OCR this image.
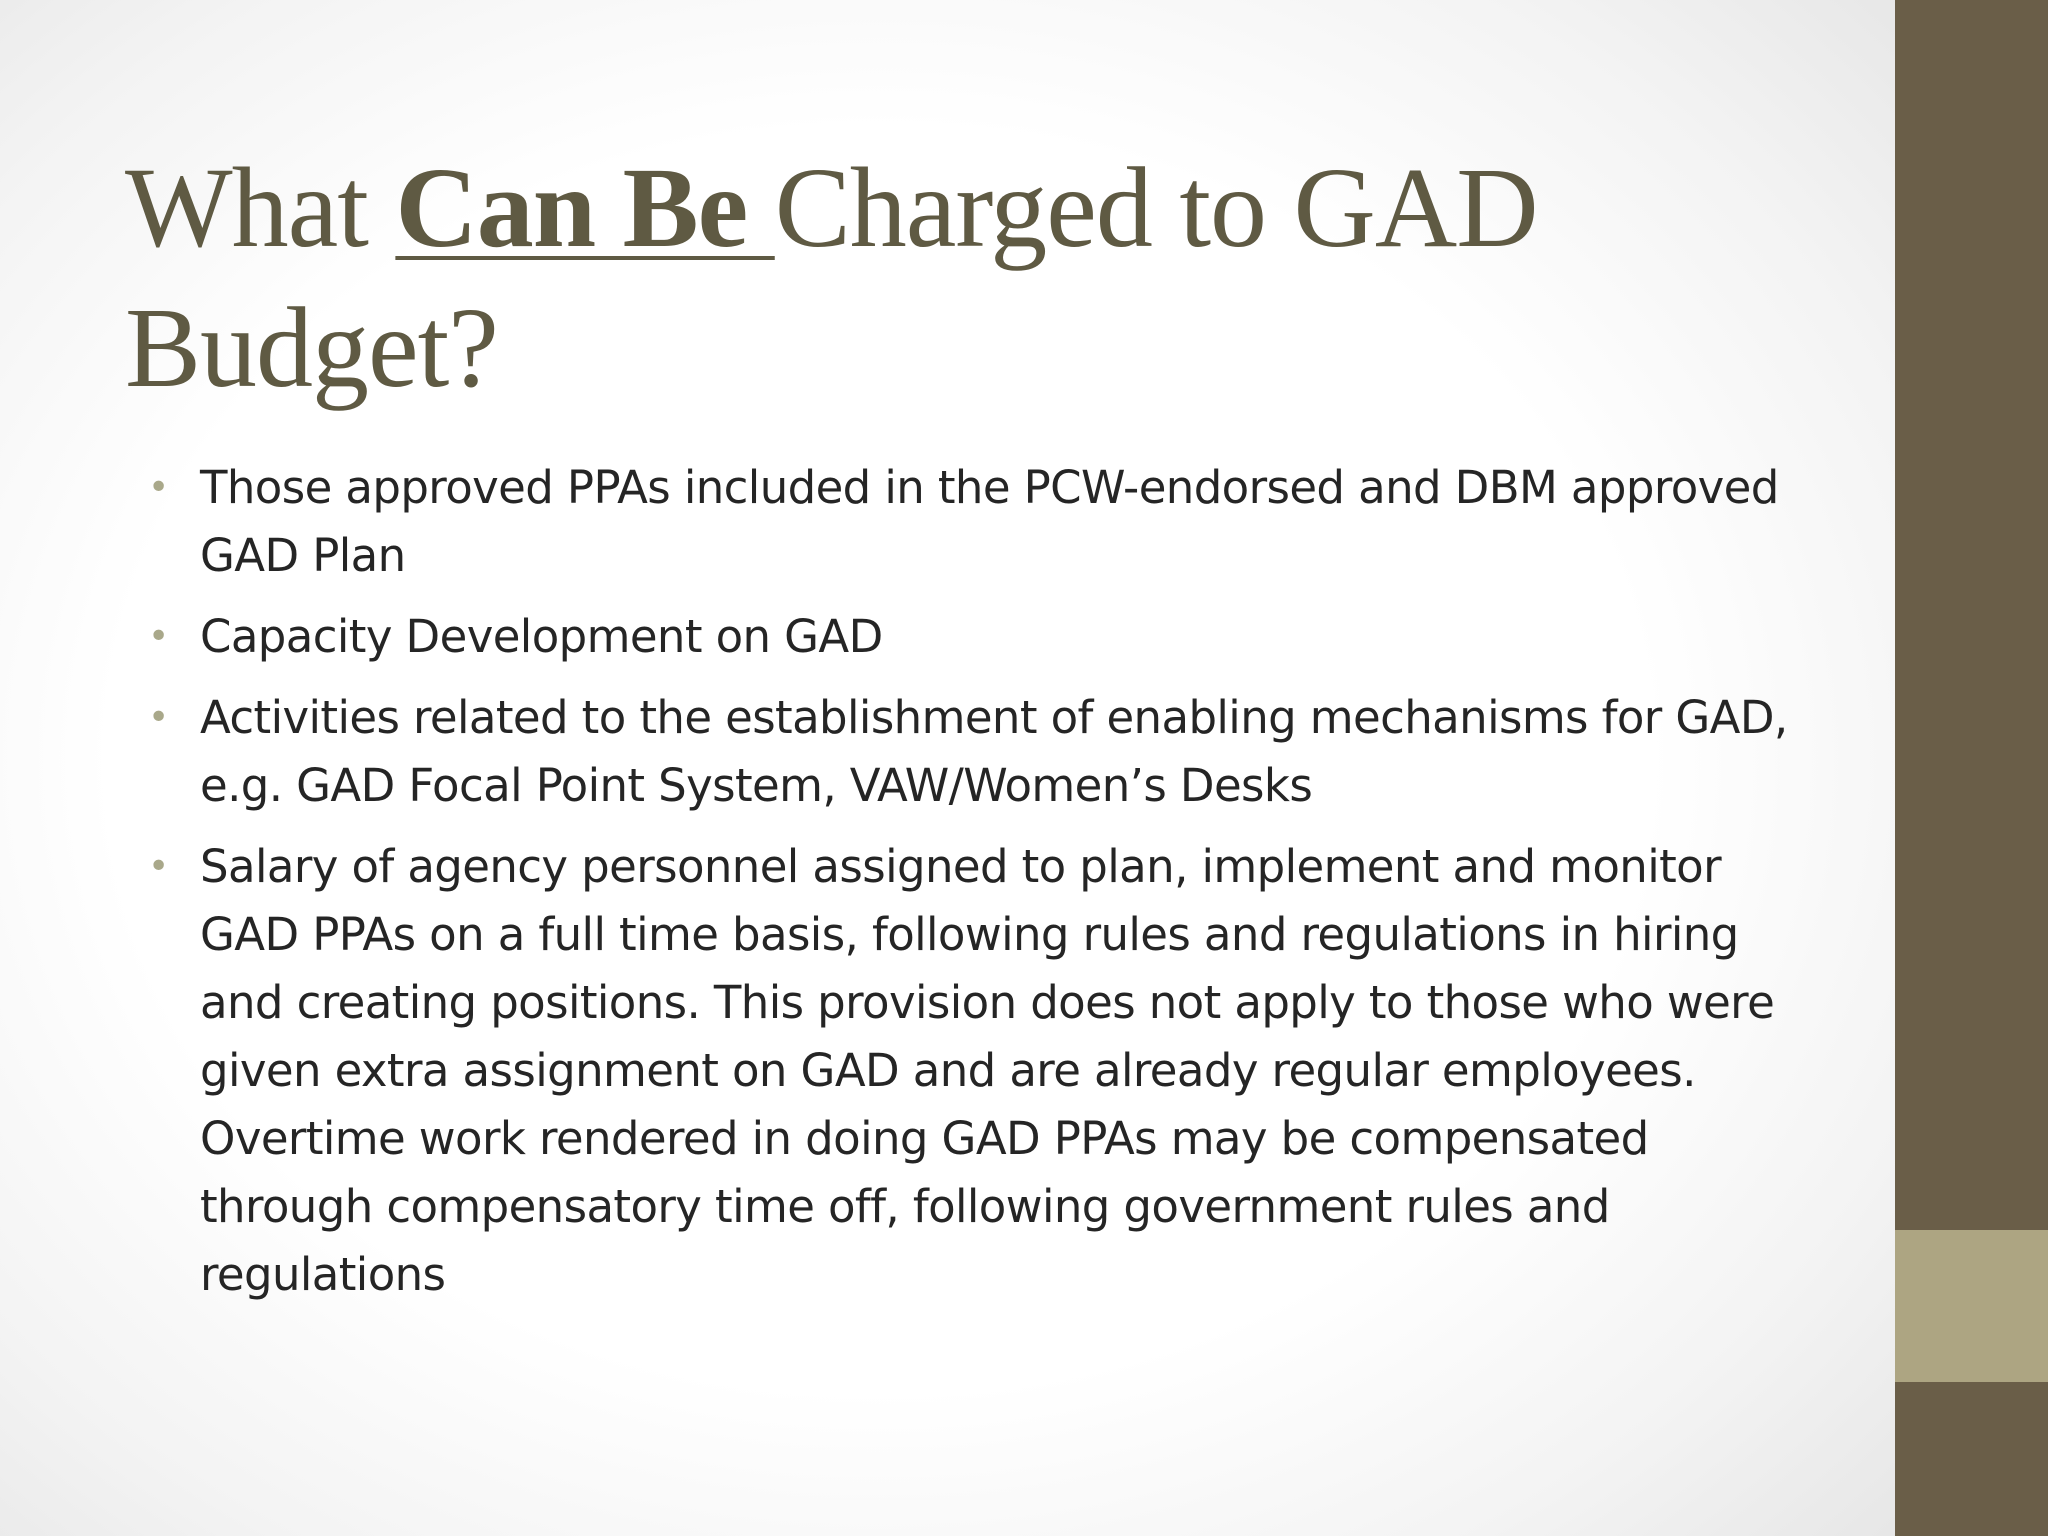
What Can Be Charged to GAD Budget?
• Those approved PPAs included in the PCW-endorsed and DBM approved GAD Plan
• Capacity Development on GAD
• Activities related to the establishment of enabling mechanisms for GAD, e.g. GAD Focal Point System, VAW/Women’s Desks
• Salary of agency personnel assigned to plan, implement and monitor GAD PPAs on a full time basis, following rules and regulations in hiring and creating positions. This provision does not apply to those who were given extra assignment on GAD and are already regular employees. Overtime work rendered in doing GAD PPAs may be compensated through compensatory time off, following government rules and regulations
